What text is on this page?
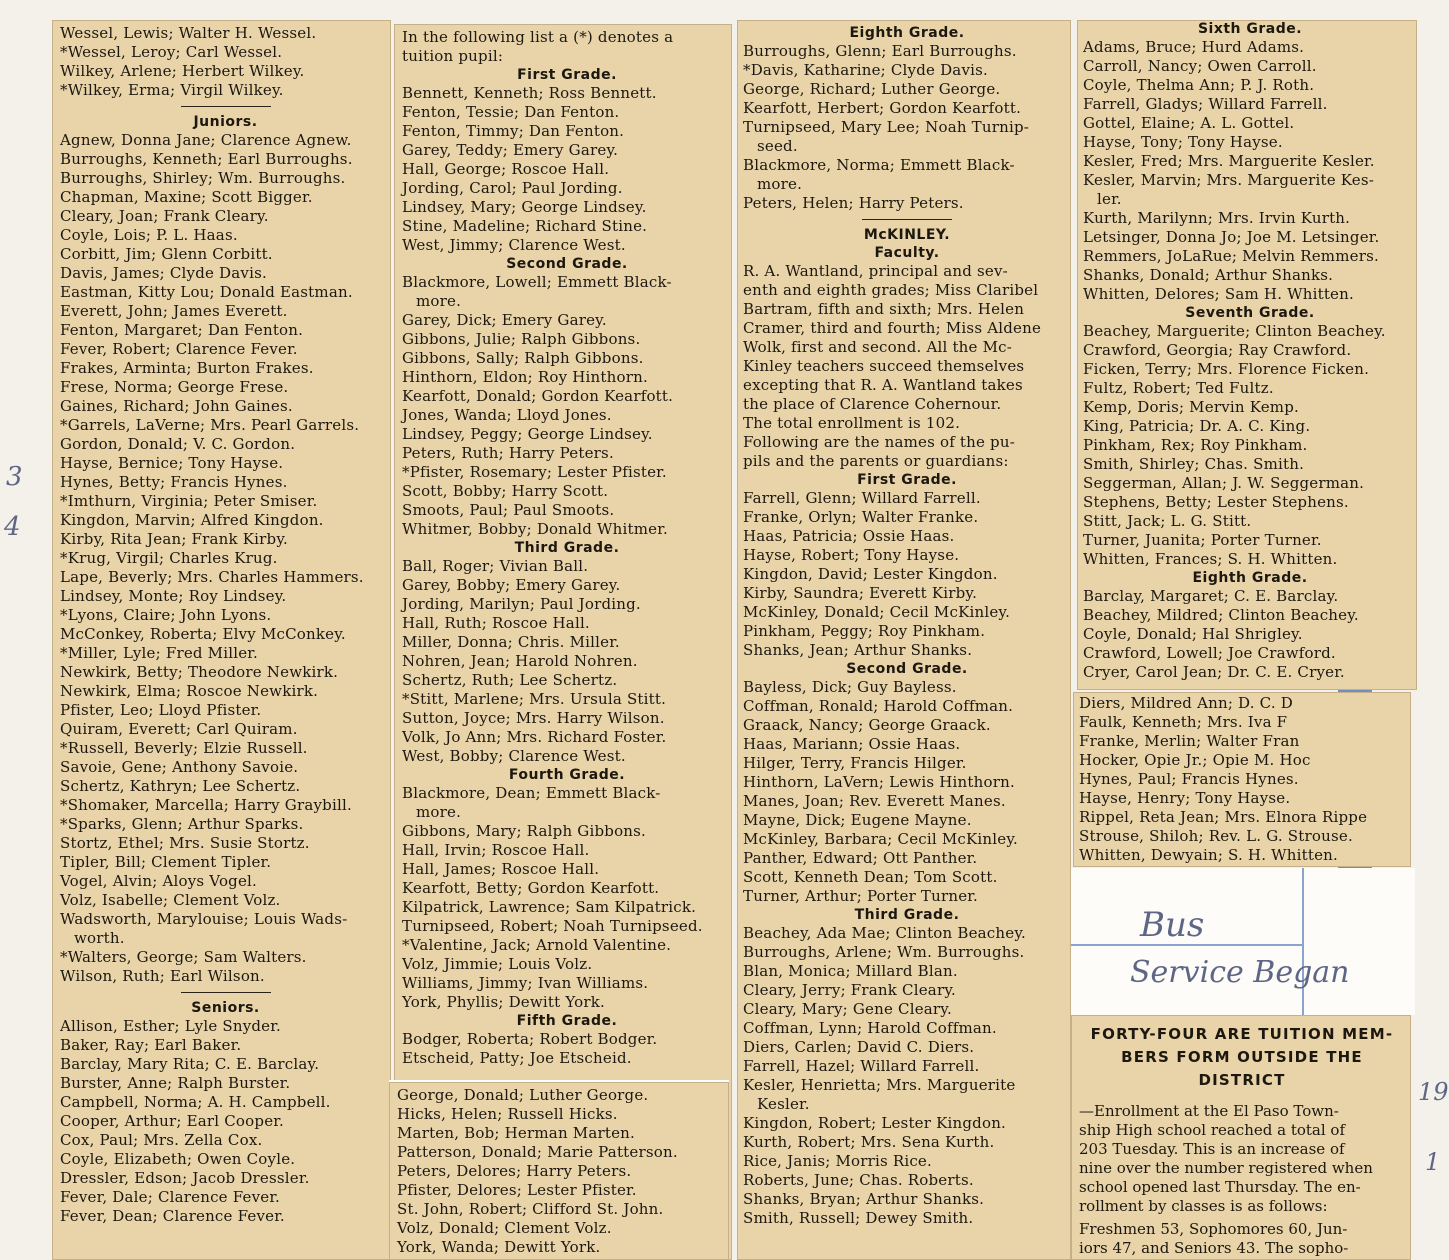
Wessel, Lewis; Walter H. Wessel.
*Wessel, Leroy; Carl Wessel.
Wilkey, Arlene; Herbert Wilkey.
*Wilkey, Erma; Virgil Wilkey.
Juniors.
Agnew, Donna Jane; Clarence Agnew.
Burroughs, Kenneth; Earl Burroughs.
Burroughs, Shirley; Wm. Burroughs.
Chapman, Maxine; Scott Bigger.
Cleary, Joan; Frank Cleary.
Coyle, Lois; P. L. Haas.
Corbitt, Jim; Glenn Corbitt.
Davis, James; Clyde Davis.
Eastman, Kitty Lou; Donald Eastman.
Everett, John; James Everett.
Fenton, Margaret; Dan Fenton.
Fever, Robert; Clarence Fever.
Frakes, Arminta; Burton Frakes.
Frese, Norma; George Frese.
Gaines, Richard; John Gaines.
*Garrels, LaVerne; Mrs. Pearl Garrels.
Gordon, Donald; V. C. Gordon.
Hayse, Bernice; Tony Hayse.
Hynes, Betty; Francis Hynes.
*Imthurn, Virginia; Peter Smiser.
Kingdon, Marvin; Alfred Kingdon.
Kirby, Rita Jean; Frank Kirby.
*Krug, Virgil; Charles Krug.
Lape, Beverly; Mrs. Charles Hammers.
Lindsey, Monte; Roy Lindsey.
*Lyons, Claire; John Lyons.
McConkey, Roberta; Elvy McConkey.
*Miller, Lyle; Fred Miller.
Newkirk, Betty; Theodore Newkirk.
Newkirk, Elma; Roscoe Newkirk.
Pfister, Leo; Lloyd Pfister.
Quiram, Everett; Carl Quiram.
*Russell, Beverly; Elzie Russell.
Savoie, Gene; Anthony Savoie.
Schertz, Kathryn; Lee Schertz.
*Shomaker, Marcella; Harry Graybill.
*Sparks, Glenn; Arthur Sparks.
Stortz, Ethel; Mrs. Susie Stortz.
Tipler, Bill; Clement Tipler.
Vogel, Alvin; Aloys Vogel.
Volz, Isabelle; Clement Volz.
Wadsworth, Marylouise; Louis Wads-
worth.
*Walters, George; Sam Walters.
Wilson, Ruth; Earl Wilson.
Seniors.
Allison, Esther; Lyle Snyder.
Baker, Ray; Earl Baker.
Barclay, Mary Rita; C. E. Barclay.
Burster, Anne; Ralph Burster.
Campbell, Norma; A. H. Campbell.
Cooper, Arthur; Earl Cooper.
Cox, Paul; Mrs. Zella Cox.
Coyle, Elizabeth; Owen Coyle.
Dressler, Edson; Jacob Dressler.
Fever, Dale; Clarence Fever.
Fever, Dean; Clarence Fever.
In the following list a (*) denotes a
tuition pupil:
First Grade.
Bennett, Kenneth; Ross Bennett.
Fenton, Tessie; Dan Fenton.
Fenton, Timmy; Dan Fenton.
Garey, Teddy; Emery Garey.
Hall, George; Roscoe Hall.
Jording, Carol; Paul Jording.
Lindsey, Mary; George Lindsey.
Stine, Madeline; Richard Stine.
West, Jimmy; Clarence West.
Second Grade.
Blackmore, Lowell; Emmett Black-
more.
Garey, Dick; Emery Garey.
Gibbons, Julie; Ralph Gibbons.
Gibbons, Sally; Ralph Gibbons.
Hinthorn, Eldon; Roy Hinthorn.
Kearfott, Donald; Gordon Kearfott.
Jones, Wanda; Lloyd Jones.
Lindsey, Peggy; George Lindsey.
Peters, Ruth; Harry Peters.
*Pfister, Rosemary; Lester Pfister.
Scott, Bobby; Harry Scott.
Smoots, Paul; Paul Smoots.
Whitmer, Bobby; Donald Whitmer.
Third Grade.
Ball, Roger; Vivian Ball.
Garey, Bobby; Emery Garey.
Jording, Marilyn; Paul Jording.
Hall, Ruth; Roscoe Hall.
Miller, Donna; Chris. Miller.
Nohren, Jean; Harold Nohren.
Schertz, Ruth; Lee Schertz.
*Stitt, Marlene; Mrs. Ursula Stitt.
Sutton, Joyce; Mrs. Harry Wilson.
Volk, Jo Ann; Mrs. Richard Foster.
West, Bobby; Clarence West.
Fourth Grade.
Blackmore, Dean; Emmett Black-
more.
Gibbons, Mary; Ralph Gibbons.
Hall, Irvin; Roscoe Hall.
Hall, James; Roscoe Hall.
Kearfott, Betty; Gordon Kearfott.
Kilpatrick, Lawrence; Sam Kilpatrick.
Turnipseed, Robert; Noah Turnipseed.
*Valentine, Jack; Arnold Valentine.
Volz, Jimmie; Louis Volz.
Williams, Jimmy; Ivan Williams.
York, Phyllis; Dewitt York.
Fifth Grade.
Bodger, Roberta; Robert Bodger.
Etscheid, Patty; Joe Etscheid.
George, Donald; Luther George.
Hicks, Helen; Russell Hicks.
Marten, Bob; Herman Marten.
Patterson, Donald; Marie Patterson.
Peters, Delores; Harry Peters.
Pfister, Delores; Lester Pfister.
St. John, Robert; Clifford St. John.
Volz, Donald; Clement Volz.
York, Wanda; Dewitt York.
Eighth Grade.
Burroughs, Glenn; Earl Burroughs.
*Davis, Katharine; Clyde Davis.
George, Richard; Luther George.
Kearfott, Herbert; Gordon Kearfott.
Turnipseed, Mary Lee; Noah Turnip-
seed.
Blackmore, Norma; Emmett Black-
more.
Peters, Helen; Harry Peters.
McKINLEY.
Faculty.
R. A. Wantland, principal and sev-
enth and eighth grades; Miss Claribel
Bartram, fifth and sixth; Mrs. Helen
Cramer, third and fourth; Miss Aldene
Wolk, first and second. All the Mc-
Kinley teachers succeed themselves
excepting that R. A. Wantland takes
the place of Clarence Cohernour.
The total enrollment is 102.
Following are the names of the pu-
pils and the parents or guardians:
First Grade.
Farrell, Glenn; Willard Farrell.
Franke, Orlyn; Walter Franke.
Haas, Patricia; Ossie Haas.
Hayse, Robert; Tony Hayse.
Kingdon, David; Lester Kingdon.
Kirby, Saundra; Everett Kirby.
McKinley, Donald; Cecil McKinley.
Pinkham, Peggy; Roy Pinkham.
Shanks, Jean; Arthur Shanks.
Second Grade.
Bayless, Dick; Guy Bayless.
Coffman, Ronald; Harold Coffman.
Graack, Nancy; George Graack.
Haas, Mariann; Ossie Haas.
Hilger, Terry, Francis Hilger.
Hinthorn, LaVern; Lewis Hinthorn.
Manes, Joan; Rev. Everett Manes.
Mayne, Dick; Eugene Mayne.
McKinley, Barbara; Cecil McKinley.
Panther, Edward; Ott Panther.
Scott, Kenneth Dean; Tom Scott.
Turner, Arthur; Porter Turner.
Third Grade.
Beachey, Ada Mae; Clinton Beachey.
Burroughs, Arlene; Wm. Burroughs.
Blan, Monica; Millard Blan.
Cleary, Jerry; Frank Cleary.
Cleary, Mary; Gene Cleary.
Coffman, Lynn; Harold Coffman.
Diers, Carlen; David C. Diers.
Farrell, Hazel; Willard Farrell.
Kesler, Henrietta; Mrs. Marguerite
Kesler.
Kingdon, Robert; Lester Kingdon.
Kurth, Robert; Mrs. Sena Kurth.
Rice, Janis; Morris Rice.
Roberts, June; Chas. Roberts.
Shanks, Bryan; Arthur Shanks.
Smith, Russell; Dewey Smith.
Sixth Grade.
Adams, Bruce; Hurd Adams.
Carroll, Nancy; Owen Carroll.
Coyle, Thelma Ann; P. J. Roth.
Farrell, Gladys; Willard Farrell.
Gottel, Elaine; A. L. Gottel.
Hayse, Tony; Tony Hayse.
Kesler, Fred; Mrs. Marguerite Kesler.
Kesler, Marvin; Mrs. Marguerite Kes-
ler.
Kurth, Marilynn; Mrs. Irvin Kurth.
Letsinger, Donna Jo; Joe M. Letsinger.
Remmers, JoLaRue; Melvin Remmers.
Shanks, Donald; Arthur Shanks.
Whitten, Delores; Sam H. Whitten.
Seventh Grade.
Beachey, Marguerite; Clinton Beachey.
Crawford, Georgia; Ray Crawford.
Ficken, Terry; Mrs. Florence Ficken.
Fultz, Robert; Ted Fultz.
Kemp, Doris; Mervin Kemp.
King, Patricia; Dr. A. C. King.
Pinkham, Rex; Roy Pinkham.
Smith, Shirley; Chas. Smith.
Seggerman, Allan; J. W. Seggerman.
Stephens, Betty; Lester Stephens.
Stitt, Jack; L. G. Stitt.
Turner, Juanita; Porter Turner.
Whitten, Frances; S. H. Whitten.
Eighth Grade.
Barclay, Margaret; C. E. Barclay.
Beachey, Mildred; Clinton Beachey.
Coyle, Donald; Hal Shrigley.
Crawford, Lowell; Joe Crawford.
Cryer, Carol Jean; Dr. C. E. Cryer.
Diers, Mildred Ann; D. C. D
Faulk, Kenneth; Mrs. Iva F
Franke, Merlin; Walter Fran
Hocker, Opie Jr.; Opie M. Hoc
Hynes, Paul; Francis Hynes.
Hayse, Henry; Tony Hayse.
Rippel, Reta Jean; Mrs. Elnora Rippe
Strouse, Shiloh; Rev. L. G. Strouse.
Whitten, Dewyain; S. H. Whitten.
FORTY-FOUR ARE TUITION MEM-
BERS FORM OUTSIDE THE
DISTRICT
—Enrollment at the El Paso Town-
ship High school reached a total of
203 Tuesday. This is an increase of
nine over the number registered when
school opened last Thursday. The en-
rollment by classes is as follows:
Freshmen 53, Sophomores 60, Jun-
iors 47, and Seniors 43. The sopho-
Bus
Service Began
3
4
19
1
